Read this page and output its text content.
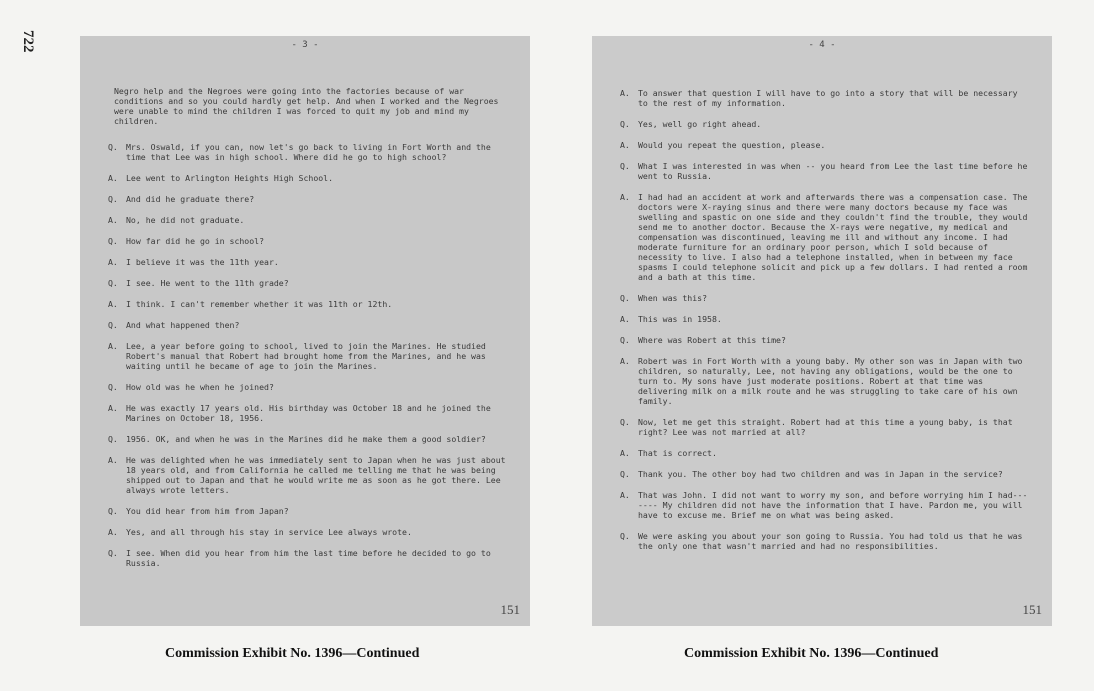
722	- 3 -

Negro help and the Negroes were going into the factories because of war conditions and so you could hardly get help. And when I worked and the Negroes were unable to mind the children I was forced to quit my job and mind my children.

Q. Mrs. Oswald, if you can, now let's go back to living in Fort Worth and the time that Lee was in high school. Where did he go to high school?
A. Lee went to Arlington Heights High School.
Q. And did he graduate there?
A. No, he did not graduate.
Q. How far did he go in school?
A. I believe it was the 11th year.
Q. I see. He went to the 11th grade?
A. I think. I can't remember whether it was 11th or 12th.
Q. And what happened then?
A. Lee, a year before going to school, lived to join the Marines. He studied Robert's manual that Robert had brought home from the Marines, and he was waiting until he became of age to join the Marines.
Q. How old was he when he joined?
A. He was exactly 17 years old. His birthday was October 18 and he joined the Marines on October 18, 1956.
Q. 1956. OK, and when he was in the Marines did he make them a good soldier?
A. He was delighted when he was immediately sent to Japan when he was just about 18 years old, and from California he called me telling me that he was being shipped out to Japan and that he would write me as soon as he got there. Lee always wrote letters.
Q. You did hear from him from Japan?
A. Yes, and all through his stay in service Lee always wrote.
Q. I see. When did you hear from him the last time before he decided to go to Russia.
151
- 4 -
A. To answer that question I will have to go into a story that will be necessary to the rest of my information.
Q. Yes, well go right ahead.
A. Would you repeat the question, please.
Q. What I was interested in was when -- you heard from Lee the last time before he went to Russia.
A. I had had an accident at work and afterwards there was a compensation case. The doctors were X-raying sinus and there were many doctors because my face was swelling and spastic on one side and they couldn't find the trouble, they would send me to another doctor. Because the X-rays were negative, my medical and compensation was discontinued, leaving me ill and without any income. I had moderate furniture for an ordinary poor person, which I sold because of necessity to live. I also had a telephone installed, when in between my face spasms I could telephone solicit and pick up a few dollars. I had rented a room and a bath at this time.
Q. When was this?
A. This was in 1958.
Q. Where was Robert at this time?
A. Robert was in Fort Worth with a young baby. My other son was in Japan with two children, so naturally, Lee, not having any obligations, would be the one to turn to. My sons have just moderate positions. Robert at that time was delivering milk on a milk route and he was struggling to take care of his own family.
Q. Now, let me get this straight. Robert had at this time a young baby, is that right? Lee was not married at all?
A. That is correct.
Q. Thank you. The other boy had two children and was in Japan in the service?
A. That was John. I did not want to worry my son, and before worrying him I had------- My children did not have the information that I have. Pardon me, you will have to excuse me. Brief me on what was being asked.
Q. We were asking you about your son going to Russia. You had told us that he was the only one that wasn't married and had no responsibilities.
151
Commission Exhibit No. 1396—Continued	Commission Exhibit No. 1396—Continued
